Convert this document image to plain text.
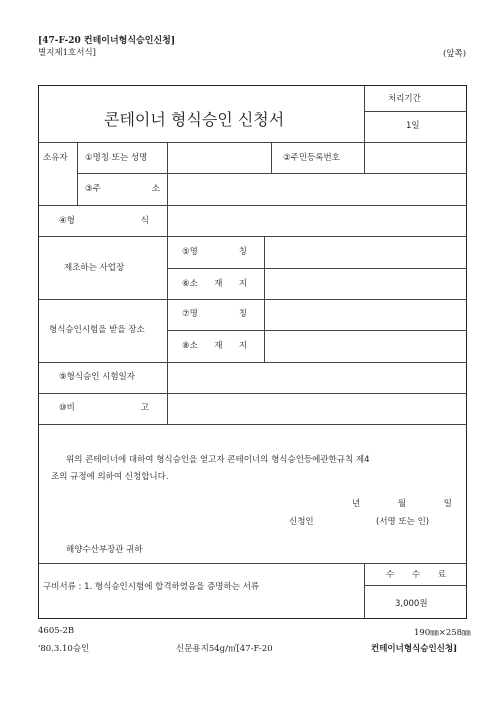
[47-F-20 컨테이너형식승인신청]
별지제1호서식]	(앞쪽)
콘테이너 형식승인 신청서
처리기간
1일
소유자 ①명칭 또는 성명	②주민등록번호
③주	소
④형	식
제조하는 사업장
⑤명	칭
⑥소 재 지
형식승인시험을 받을 장소
⑦명	칭
⑧소 재 지
⑨형식승인 시험일자
⑩비	고
위의 콘테이너에 대하여 형식승인을 얻고자 콘테이너의 형식승인등에관한규칙 제4
조의 규정에 의하여 신청합니다.
년	월	일
신청인	(서명 또는 인)
해양수산부장관 귀하
구비서류 : 1. 형식승인시험에 합격하였음을 증명하는 서류
수 수 료
3,000원
4605-2B	190㎜×258㎜
'80.3.10승인	신문용지54g/㎡[47-F-20	컨테이너형식승인신청]
